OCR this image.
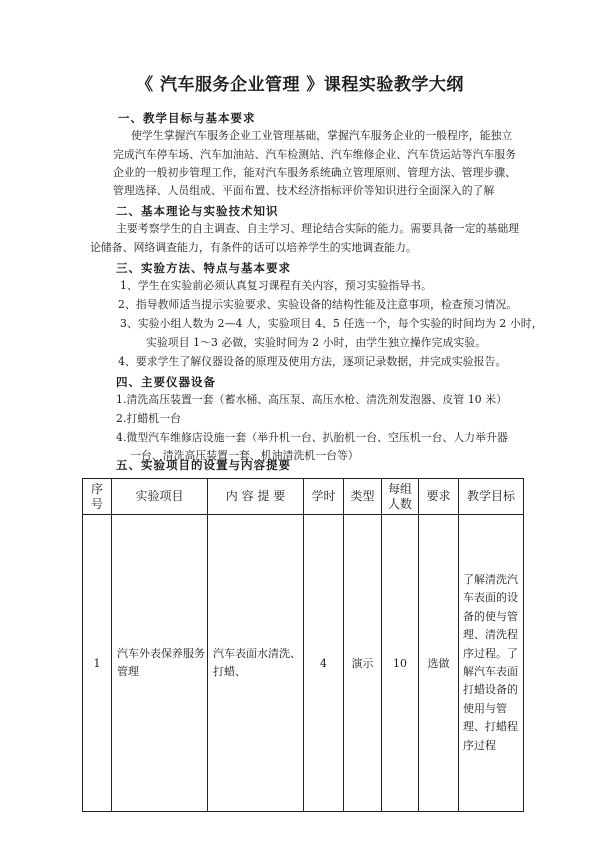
《 汽车服务企业管理 》课程实验教学大纲
一、教学目标与基本要求
使学生掌握汽车服务企业工业管理基础，掌握汽车服务企业的一般程序，能独立
完成汽车停车场、汽车加油站、汽车检测站、汽车维修企业、汽车货运站等汽车服务
企业的一般初步管理工作，能对汽车服务系统确立管理原则、管理方法、管理步骤、
管理选择、人员组成、平面布置、技术经济指标评价等知识进行全面深入的了解
二、基本理论与实验技术知识
主要考察学生的自主调查、自主学习、理论结合实际的能力。需要具备一定的基础理
论储备、网络调查能力，有条件的话可以培养学生的实地调查能力。
三、实验方法、特点与基本要求
1、学生在实验前必须认真复习课程有关内容，预习实验指导书。
2、指导教师适当提示实验要求、实验设备的结构性能及注意事项，检查预习情况。
3、实验小组人数为 2—4 人，实验项目 4、5 任选一个，每个实验的时间均为 2 小时，
实验项目 1～3 必做，实验时间为 2 小时，由学生独立操作完成实验。
4、要求学生了解仪器设备的原理及使用方法，逐项记录数据，并完成实验报告。
四、主要仪器设备
1.清洗高压装置一套（蓄水桶、高压泵、高压水枪、清洗剂发泡器、皮管 10 米）
2.打蜡机一台
4.微型汽车维修店设施一套（举升机一台、扒胎机一台、空压机一台、人力举升器
一台、清洗高压装置一套、机油清洗机一台等）
五、实验项目的设置与内容提要
序号	实验项目	内 容 提 要	学时	类型	每组人数	要求	教学目标
1	汽车外表保养服务管理	汽车表面水清洗、打蜡、	4	演示	10	选做	了解清洗汽车表面的设备的使与管理、清洗程序过程。了解汽车表面打蜡设备的使用与管理、打蜡程序过程
